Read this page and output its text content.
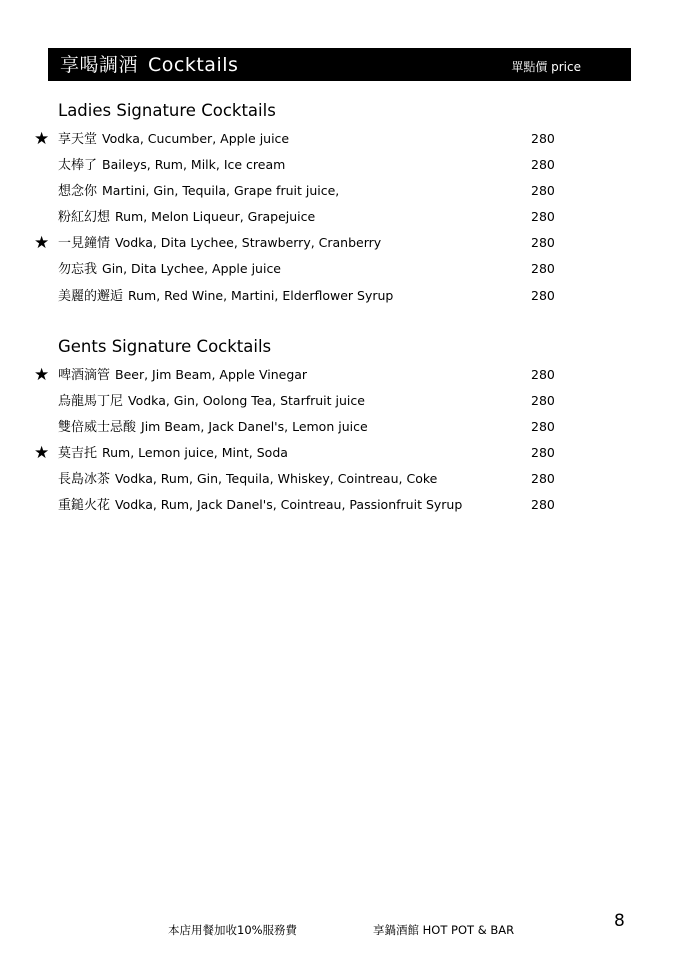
享喝調酒 Cocktails	單點價 price
Ladies Signature Cocktails
★ 享天堂 Vodka, Cucumber, Apple juice	280
太棒了 Baileys, Rum, Milk, Ice cream	280
想念你 Martini, Gin, Tequila, Grape fruit juice,	280
粉紅幻想 Rum, Melon Liqueur, Grapejuice	280
★ 一見鐘情 Vodka, Dita Lychee, Strawberry, Cranberry	280
勿忘我 Gin, Dita Lychee, Apple juice	280
美麗的邂逅 Rum, Red Wine, Martini, Elderflower Syrup	280
Gents Signature Cocktails
★ 啤酒滴管 Beer, Jim Beam, Apple Vinegar	280
烏龍馬丁尼 Vodka, Gin, Oolong Tea, Starfruit juice	280
雙倍威士忌酸 Jim Beam, Jack Danel's, Lemon juice	280
★ 莫吉托 Rum, Lemon juice, Mint, Soda	280
長島冰茶 Vodka, Rum, Gin, Tequila, Whiskey, Cointreau, Coke	280
重鎚火花 Vodka, Rum, Jack Danel's, Cointreau, Passionfruit Syrup	280
本店用餐加收10%服務費	享鍋酒館 HOT POT & BAR	8
